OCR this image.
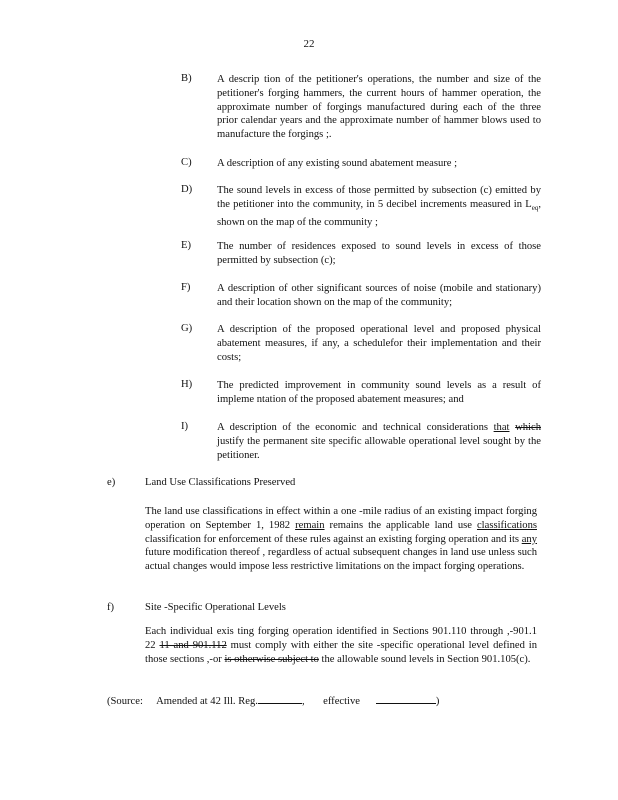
22
B) A descrip tion of the petitioner's operations, the number and size of the petitioner's forging hammers, the current hours of hammer operation, the approximate number of forgings manufactured during each of the three prior calendar years and the approximate number of hammer blows used to manufacture the forgings ;.
C) A description of any existing sound abatement measure ;
D) The sound levels in excess of those permitted by subsection (c) emitted by the petitioner into the community, in 5 decibel increments measured in $L_{eq}$, shown on the map of the community ;
E) The number of residences exposed to sound levels in excess of those permitted by subsection (c);
F)	A description of other significant sources of noise (mobile and stationary) and their location shown on the map of the community;
G) A description of the proposed operational level and proposed physical abatement measures, if any, a schedulefor their implementation and their costs;
H) The predicted improvement in community sound levels as a result of impleme ntation of the proposed abatement measures; and
I)	A description of the economic and technical considerations that which justify the permanent site specific allowable operational level sought by the petitioner.
e)	Land Use Classifications Preserved
The land use classifications in effect within a one -mile radius of an existing impact forging operation on September 1, 1982 remain remains the applicable land use classifications classification for enforcement of these rules against an existing forging operation and its any future modification thereof , regardless of actual subsequent changes in land use unless such actual changes would impose less restrictive limitations on the impact forging operations.
f)	Site -Specific Operational Levels
Each individual exis ting forging operation identified in Sections 901.110 through ,-901.1 22 11 and 901.112 must comply with either the site -specific operational level defined in those sections ,-or is otherwise subject to the allowable sound levels in Section 901.105(c).
(Source: Amended at 42 Ill. Reg.	, effective	)
